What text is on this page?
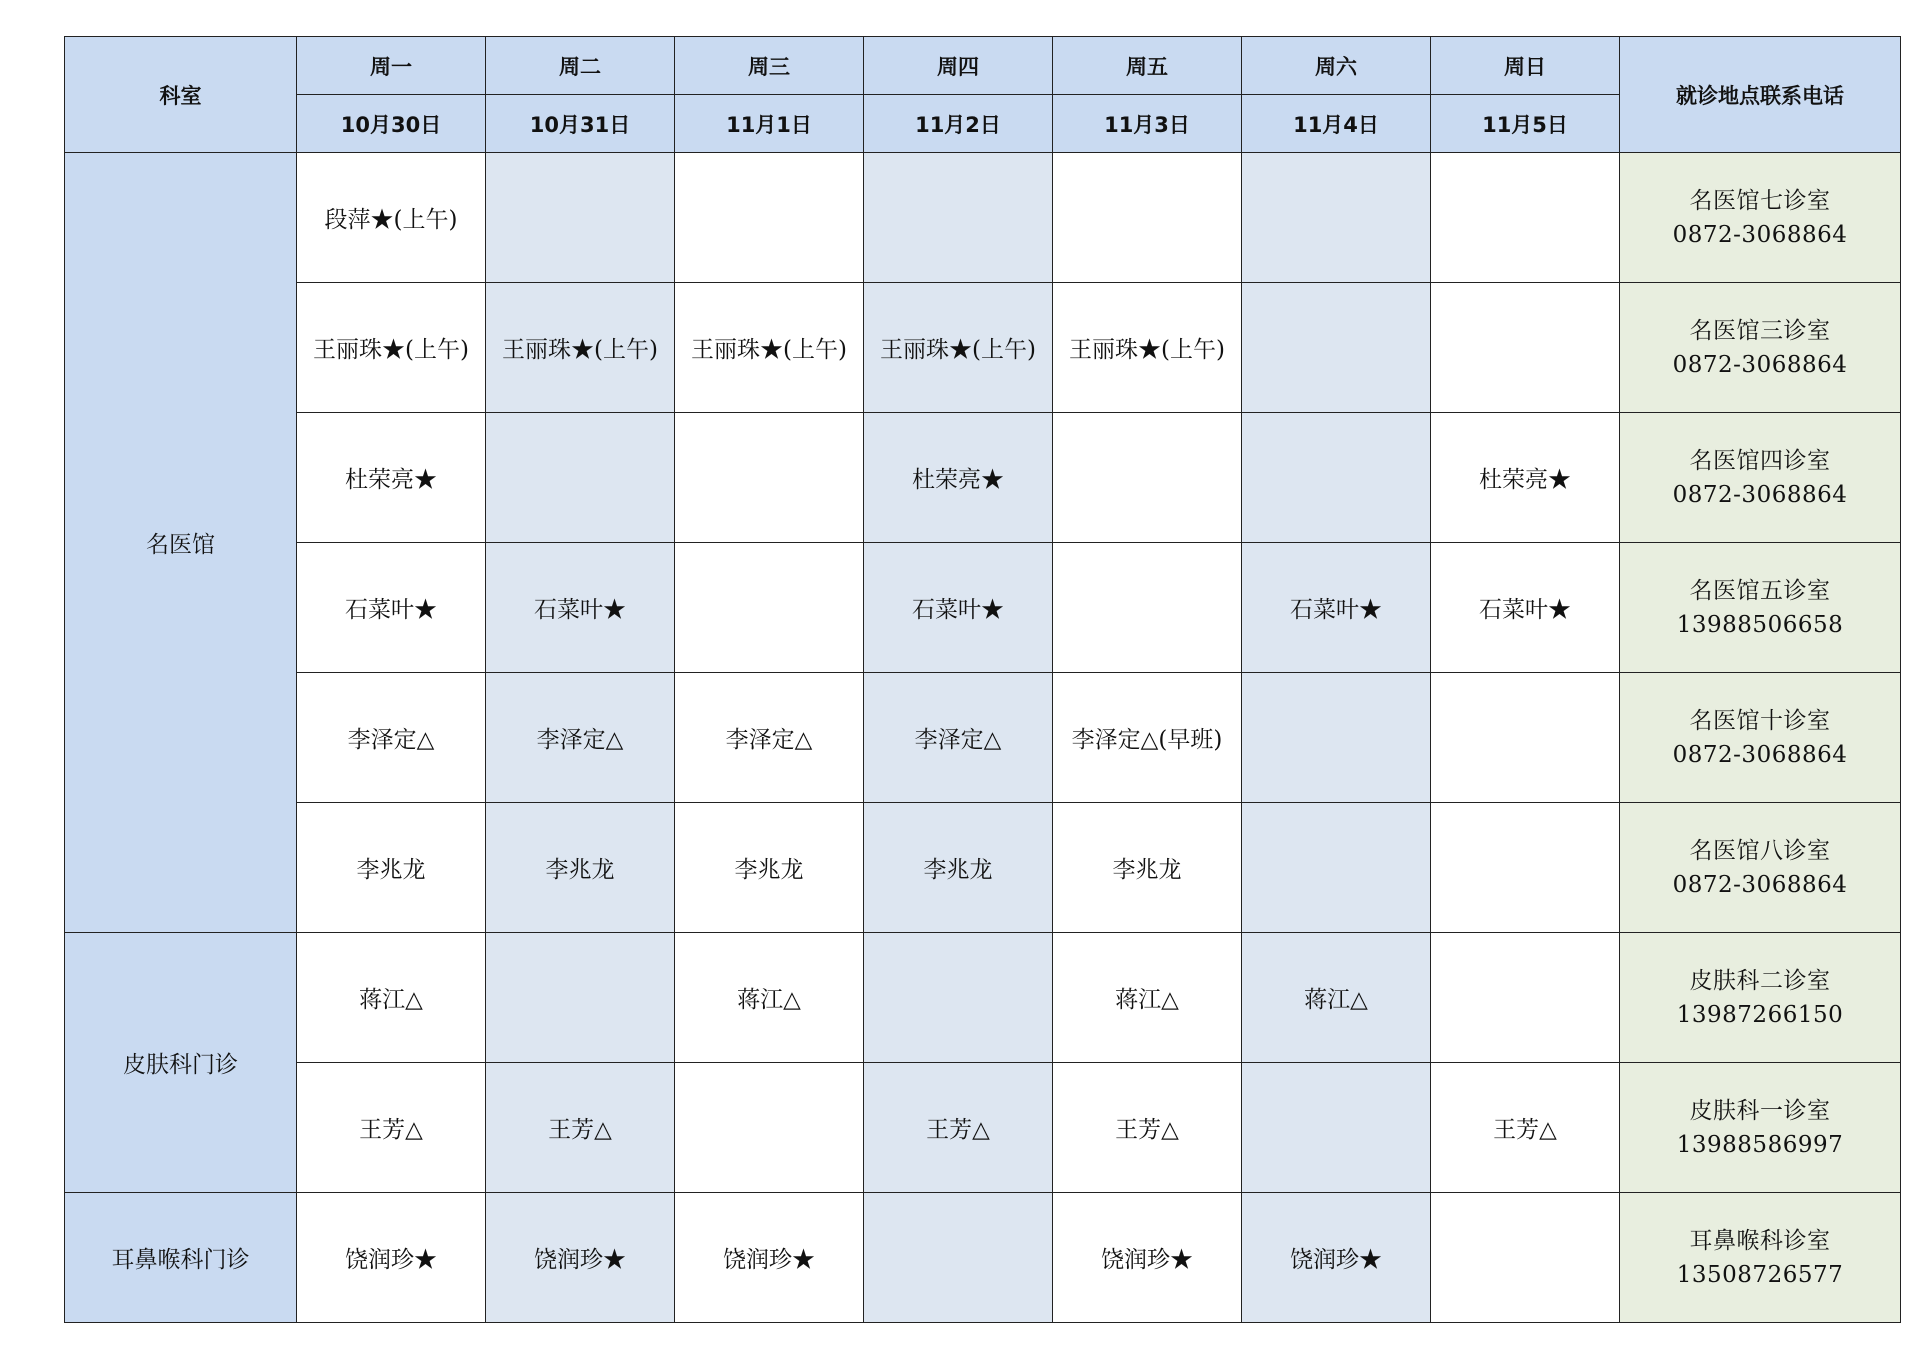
科室	周一	周二	周三	周四	周五	周六	周日	就诊地点联系电话
	10月30日	10月31日	11月1日	11月2日	11月3日	11月4日	11月5日	
名医馆	段萍★(上午)							名医馆七诊室
0872-3068864

	王丽珠★(上午)	王丽珠★(上午)	王丽珠★(上午)	王丽珠★(上午)	王丽珠★(上午)			名医馆三诊室
0872-3068864

	杜荣亮★			杜荣亮★			杜荣亮★	名医馆四诊室
0872-3068864

	石菜叶★	石菜叶★		石菜叶★		石菜叶★	石菜叶★	名医馆五诊室
13988506658

	李泽定△	李泽定△	李泽定△	李泽定△	李泽定△(早班)			名医馆十诊室
0872-3068864

	李兆龙	李兆龙	李兆龙	李兆龙	李兆龙			名医馆八诊室
0872-3068864

皮肤科门诊	蒋江△		蒋江△		蒋江△	蒋江△		皮肤科二诊室
13987266150

	王芳△	王芳△		王芳△	王芳△		王芳△	皮肤科一诊室
13988586997

耳鼻喉科门诊	饶润珍★	饶润珍★	饶润珍★		饶润珍★	饶润珍★		耳鼻喉科诊室
13508726577
